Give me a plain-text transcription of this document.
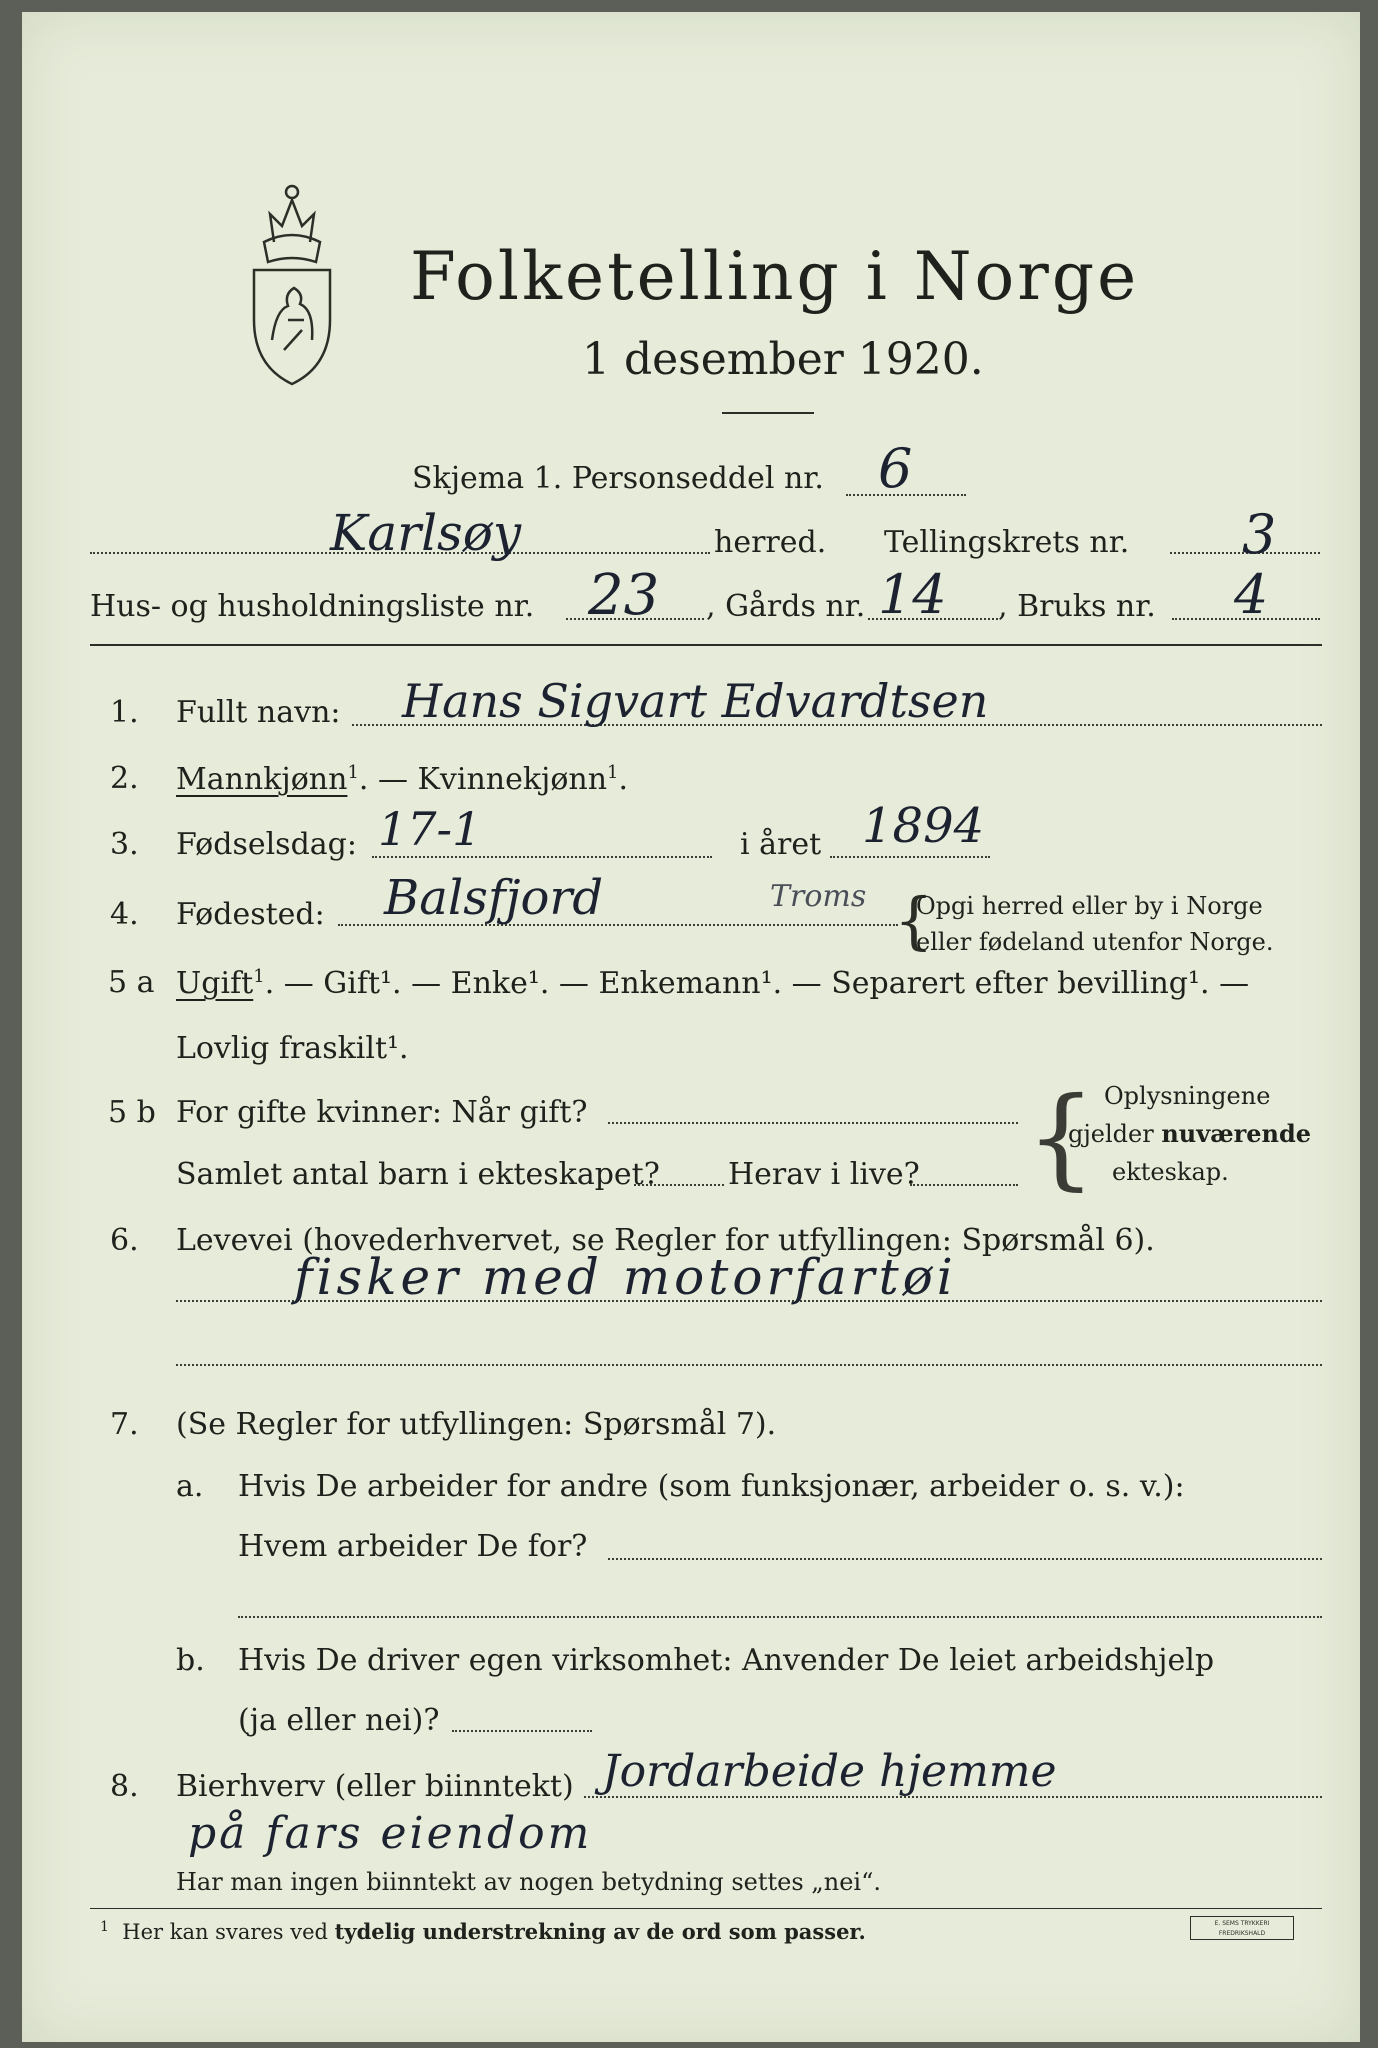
Folketelling i Norge
1 desember 1920.
Skjema 1. Personseddel nr. 6
Karlsøy	herred. Tellingskrets nr. 3
Hus- og husholdningsliste nr. 23 , Gårds nr. 14 , Bruks nr. 4
1. Fullt navn: Hans Sigvart Edvardtsen
2. Mannkjønn$^1$. — Kvinnekjønn$^1$.
3. Fødselsdag: 17-1	i året 1894
4. Fødested: Balsfjord	Troms {
Opgi herred eller by i Norge
eller fødeland utenfor Norge.
5 a Ugift$^1$. — Gift¹. — Enke¹. — Enkemann¹. — Separert efter bevilling¹. —
Lovlig fraskilt¹.
5 b For gifte kvinner: Når gift?
Samlet antal barn i ekteskapet? Herav i live? { Oplysningene
gjelder nuværende
ekteskap.
6. Levevei (hovederhvervet, se Regler for utfyllingen: Spørsmål 6).
fisker med motorfartøi
7. (Se Regler for utfyllingen: Spørsmål 7).
a. Hvis De arbeider for andre (som funksjonær, arbeider o. s. v.):
Hvem arbeider De for?
b. Hvis De driver egen virksomhet: Anvender De leiet arbeidshjelp
(ja eller nei)?
8. Bierhverv (eller biinntekt) Jordarbeide hjemme
på fars eiendom
Har man ingen biinntekt av nogen betydning settes „nei“.
$^1$ Her kan svares ved tydelig understrekning av de ord som passer.	E. SEMS TRYKKERI FREDRIKSHALD
